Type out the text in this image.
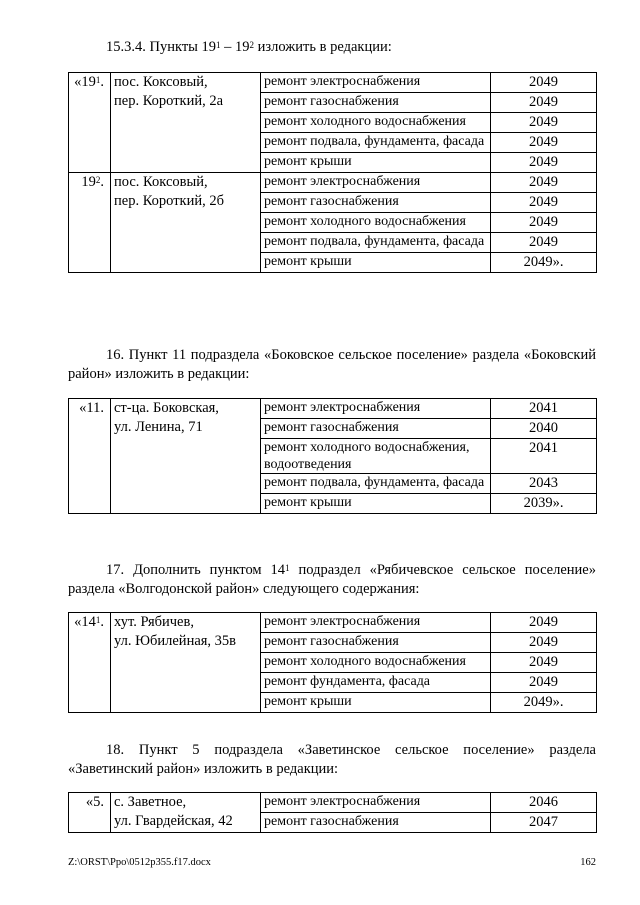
15.3.4. Пункты $19^1 - 19^2$ изложить в редакции:
«$19^1$.	пос. Коксовый,
пер. Короткий, 2а	ремонт электроснабжения	2049
		ремонт газоснабжения	2049
		ремонт холодного водоснабжения	2049
		ремонт подвала, фундамента, фасада	2049
		ремонт крыши	2049
$19^2$.	пос. Коксовый,
пер. Короткий, 2б	ремонт электроснабжения	2049
		ремонт газоснабжения	2049
		ремонт холодного водоснабжения	2049
		ремонт подвала, фундамента, фасада	2049
		ремонт крыши	2049».
16. Пункт 11 подраздела «Боковское сельское поселение» раздела «Боковский район» изложить в редакции:
«11.	ст-ца. Боковская,
ул. Ленина, 71	ремонт электроснабжения	2041
		ремонт газоснабжения	2040
		ремонт холодного водоснабжения, водоотведения	2041
		ремонт подвала, фундамента, фасада	2043
		ремонт крыши	2039».
17. Дополнить пунктом $14^1$ подраздел «Рябичевское сельское поселение» раздела «Волгодонской район» следующего содержания:
«$14^1$.	хут. Рябичев,
ул. Юбилейная, 35в	ремонт электроснабжения	2049
		ремонт газоснабжения	2049
		ремонт холодного водоснабжения	2049
		ремонт фундамента, фасада	2049
		ремонт крыши	2049».
18. Пункт 5 подраздела «Заветинское сельское поселение» раздела «Заветинский район» изложить в редакции:
«5.	с. Заветное,
ул. Гвардейская, 42	ремонт электроснабжения	2046
		ремонт газоснабжения	2047
Z:\ORST\Ppo\0512p355.f17.docx	162
